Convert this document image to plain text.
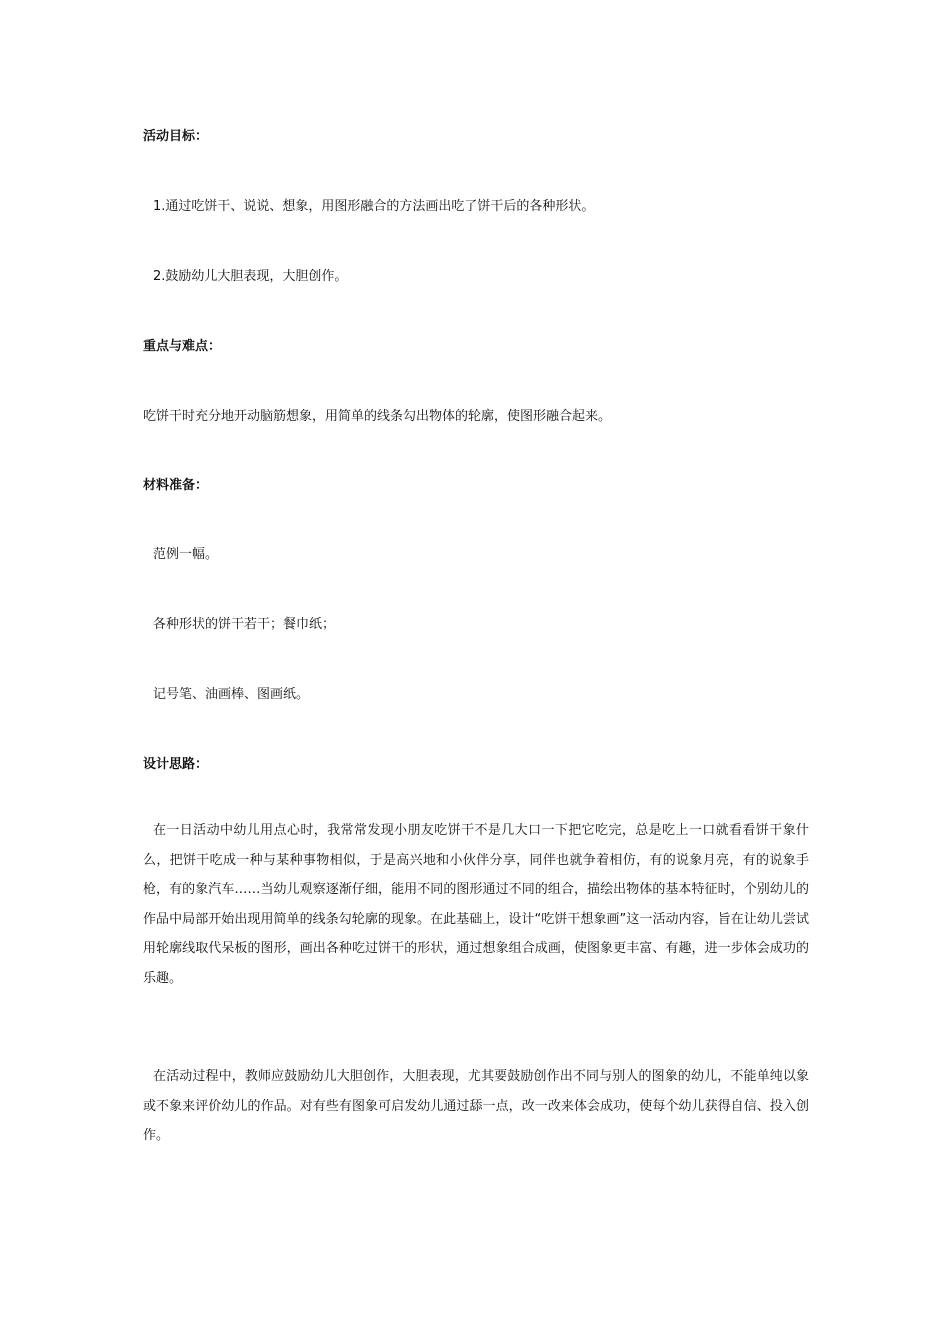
活动目标：
1.通过吃饼干、说说、想象，用图形融合的方法画出吃了饼干后的各种形状。
2.鼓励幼儿大胆表现，大胆创作。
重点与难点：
吃饼干时充分地开动脑筋想象，用简单的线条勾出物体的轮廓，使图形融合起来。
材料准备：
范例一幅。
各种形状的饼干若干；餐巾纸；
记号笔、油画棒、图画纸。
设计思路：
在一日活动中幼儿用点心时，我常常发现小朋友吃饼干不是几大口一下把它吃完，总是吃上一口就看看饼干象什么，把饼干吃成一种与某种事物相似，于是高兴地和小伙伴分享，同伴也就争着相仿，有的说象月亮，有的说象手枪，有的象汽车……当幼儿观察逐渐仔细，能用不同的图形通过不同的组合，描绘出物体的基本特征时，个别幼儿的作品中局部开始出现用简单的线条勾轮廓的现象。在此基础上，设计“吃饼干想象画”这一活动内容，旨在让幼儿尝试用轮廓线取代呆板的图形，画出各种吃过饼干的形状，通过想象组合成画，使图象更丰富、有趣，进一步体会成功的乐趣。
在活动过程中，教师应鼓励幼儿大胆创作，大胆表现，尤其要鼓励创作出不同与别人的图象的幼儿，不能单纯以象或不象来评价幼儿的作品。对有些有图象可启发幼儿通过舔一点，改一改来体会成功，使每个幼儿获得自信、投入创作。
